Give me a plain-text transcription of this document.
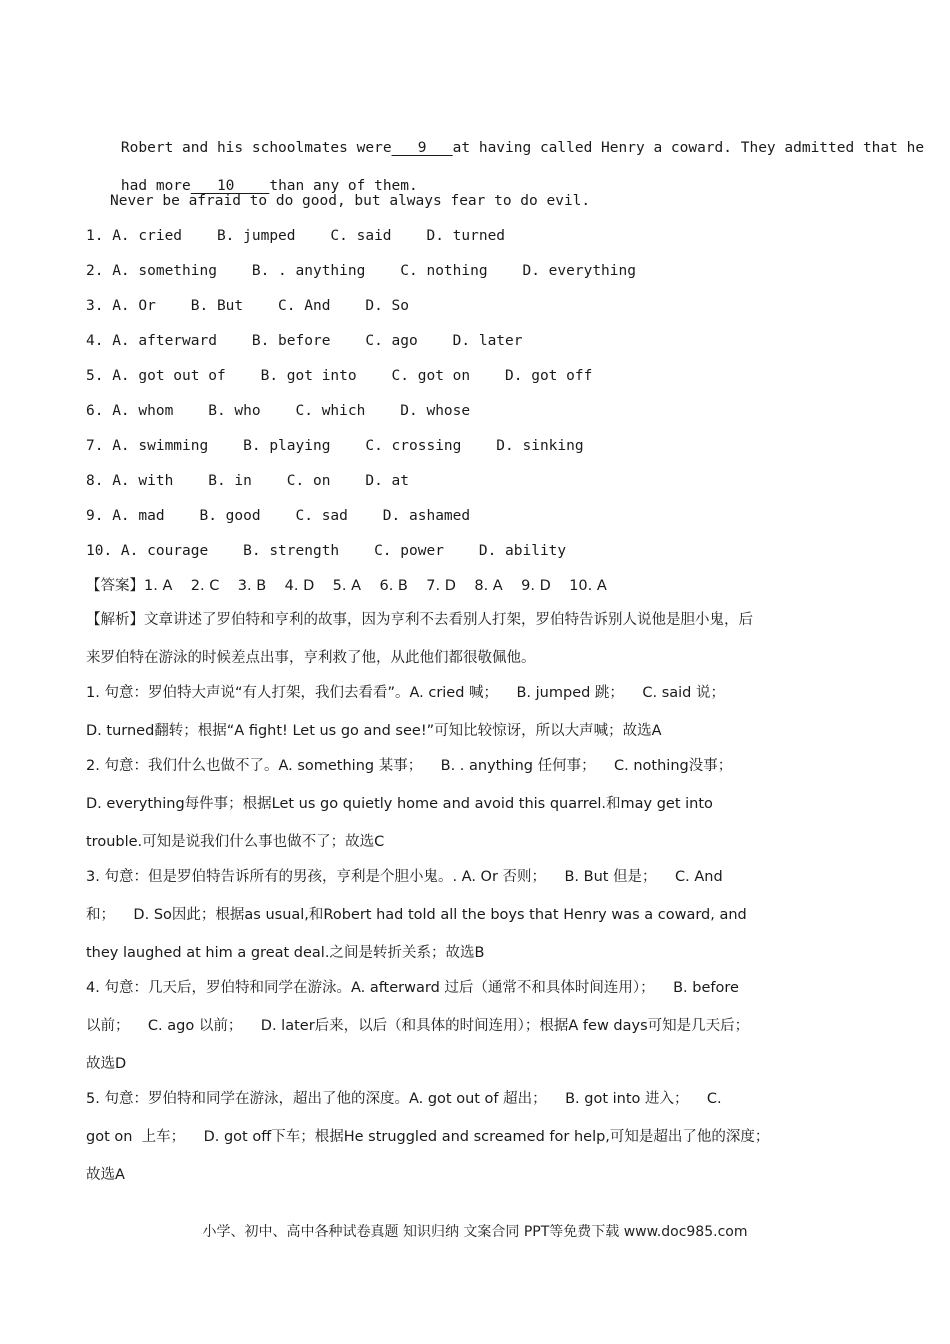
Robert and his schoolmates were   9   at having called Henry a coward. They admitted that he

had more   10    than any of them.

Never be afraid to do good, but always fear to do evil.
1. A. cried    B. jumped    C. said    D. turned
2. A. something    B. . anything    C. nothing    D. everything
3. A. Or    B. But    C. And    D. So
4. A. afterward    B. before    C. ago    D. later
5. A. got out of    B. got into    C. got on    D. got off
6. A. whom    B. who    C. which    D. whose
7. A. swimming    B. playing    C. crossing    D. sinking
8. A. with    B. in    C. on    D. at
9. A. mad    B. good    C. sad    D. ashamed
10. A. courage    B. strength    C. power    D. ability
【答案】1. A    2. C    3. B    4. D    5. A    6. B    7. D    8. A    9. D    10. A
【解析】文章讲述了罗伯特和亨利的故事，因为亨利不去看别人打架，罗伯特告诉别人说他是胆小鬼，后
来罗伯特在游泳的时候差点出事，亨利救了他，从此他们都很敬佩他。
1. 句意：罗伯特大声说“有人打架，我们去看看”。A. cried 喊；    B. jumped 跳；    C. said 说；
D. turned翻转；根据“A fight! Let us go and see!”可知比较惊讶，所以大声喊；故选A
2. 句意：我们什么也做不了。A. something 某事；    B. . anything 任何事；    C. nothing没事；
D. everything每件事；根据Let us go quietly home and avoid this quarrel.和may get into
trouble.可知是说我们什么事也做不了；故选C
3. 句意：但是罗伯特告诉所有的男孩，亨利是个胆小鬼。. A. Or 否则；    B. But 但是；    C. And
和；    D. So因此；根据as usual,和Robert had told all the boys that Henry was a coward, and
they laughed at him a great deal.之间是转折关系；故选B
4. 句意：几天后，罗伯特和同学在游泳。A. afterward 过后（通常不和具体时间连用）；    B. before
以前；    C. ago 以前；    D. later后来，以后（和具体的时间连用）；根据A few days可知是几天后；
故选D
5. 句意：罗伯特和同学在游泳，超出了他的深度。A. got out of 超出；    B. got into 进入；    C.
got on  上车；    D. got off下车；根据He struggled and screamed for help,可知是超出了他的深度；
故选A
小学、初中、高中各种试卷真题 知识归纳 文案合同 PPT等免费下载 www.doc985.com
